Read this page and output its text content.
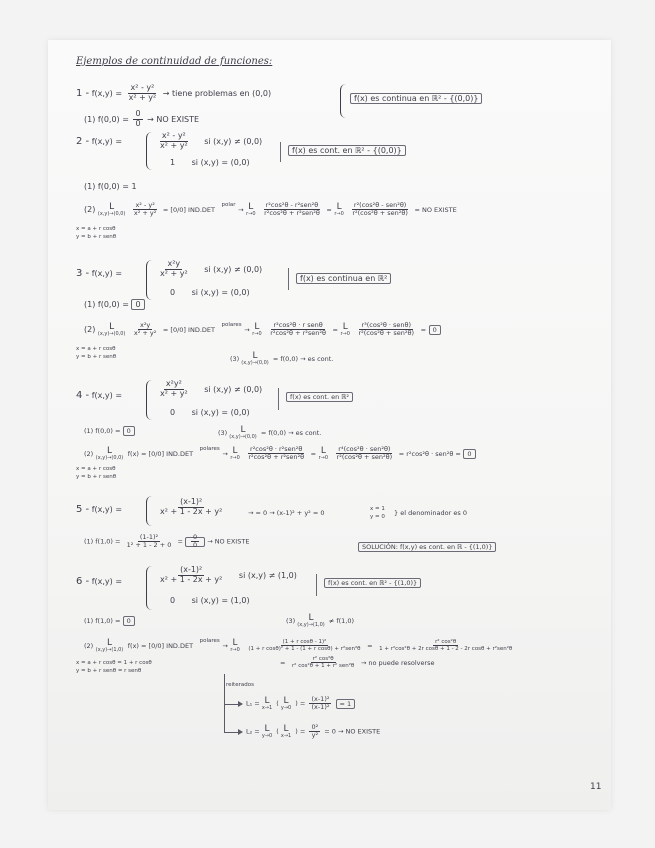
Ejemplos de continuidad de funciones:
$1 - f(x,y) = \frac{\text{x² - y²}}{\text{x² + y²}}$ → tiene problemas en (0,0)
f(x) es continua en ℝ² - {(0,0)}
(1) $f(0,0) = \frac{0}{0}$ → NO EXISTE
2 - f(x,y) =	$\frac{\text{x² - y²}}{\text{x² + y²}}$ si (x,y) ≠ (0,0)
1 si (x,y) = (0,0)
f(x) es cont. en ℝ² - {(0,0)}
(1) f(0,0) = 1
(2) L
(x,y)→(0,0)
$\frac{\text{x² - y²}}{\text{x² + y²}} = [0/0]$ IND.DET $^{polar}$ → L
r→0
$\frac{\text{r²cos²θ - r²sen²θ}}{\text{r²cos²θ + r²sen²θ}} = L$
r→0
$\frac{\text{r²(cos²θ - sen²θ)}}{\text{r²(cos²θ + sen²θ)}}$ = NO EXISTE
x = a + r cosθ
y = b + r senθ
3 - f(x,y) =	$\frac{\text{x²y}}{\text{x² + y²}}$ si (x,y) ≠ (0,0)
0 si (x,y) = (0,0)
f(x) es continua en ℝ²
(1) f(0,0) = 0
(2) L
(x,y)→(0,0)
$\frac{\text{x²y}}{\text{x² + y²}} = [0/0]$ IND.DET $^{polares}$ → L
r→0
$\frac{\text{r²cos²θ · r senθ}}{\text{r²cos²θ + r²sen²θ}} = L$
r→0
$\frac{\text{r³(cos²θ · senθ)}}{\text{r²(cos²θ + sen²θ)}} = 0$
x = a + r cosθ
y = b + r senθ	(3) L
(x,y)→(0,0) = f(0,0) → es cont.
4 - f(x,y) =	$\frac{\text{x²y²}}{\text{x² + y²}}$ si (x,y) ≠ (0,0)
0 si (x,y) = (0,0)
f(x) es cont. en ℝ²
(1) f(0,0) = 0	(3) L
(x,y)→(0,0) = f(0,0) → es cont.
(2) L
(x,y)→(0,0) f(x) = [0/0] IND.DET $^{polares}$ → L
r→0
$\frac{\text{r²cos²θ · r²sen²θ}}{\text{r²cos²θ + r²sen²θ}} = L$
r→0
$\frac{\text{r⁴(cos²θ · sen²θ)}}{\text{r²(cos²θ + sen²θ)}} = r^2\cos^2\theta \cdot sen^2\theta = 0$
x = a + r cosθ
y = b + r senθ
5 - f(x,y) =	$\frac{\text{(x-1)²}}{\text{x² + 1 - 2x + y²}}$	→ = 0 → (x-1)² + y² = 0	x = 1
y = 0 } el denominador es 0
(1) $f(1,0) = \frac{\text{(1-1)²}}{\text{1² + 1 - 2 + 0}} = \frac{0}{0}$ → NO EXISTE
SOLUCIÓN: f(x,y) es cont. en ℝ - {(1,0)}
6 - f(x,y) =	$\frac{\text{(x-1)²}}{\text{x² + 1 - 2x + y²}}$ si (x,y) ≠ (1,0)
0 si (x,y) = (1,0)
f(x) es cont. en ℝ² - {(1,0)}
(1) f(1,0) = 0	(3) L
(x,y)→(1,0) ≠ f(1,0)
(2) L
(x,y)→(1,0) f(x) = [0/0] IND.DET $^{polares}$ → L
r→0
$\frac{\text{(1 + r cosθ - 1)²}}{\text{(1 + r cosθ)² + 1 - (1 + r cosθ) + r²sen²θ}} = \frac{\text{r² cos²θ}}{\text{1 + r²cos²θ + 2r cosθ + 1 - 2 - 2r cosθ + r²sen²θ}}$
x = a + r cosθ = 1 + r cosθ
y = b + r senθ = r senθ
= $\frac{\text{r² cos²θ}}{\text{r² cos²θ + 1 + r² sen²θ}}$ → no puede resolverse
reiterados
L₁ = L
x→1 ( L
y→0 ) = $\frac{\text{(x-1)²}}{\text{(x-1)²}} = 1$
L₂ = L
y→0 ( L
x→1 ) = $\frac{\text{0²}}{\text{y²}} = 0$ → NO EXISTE
11
